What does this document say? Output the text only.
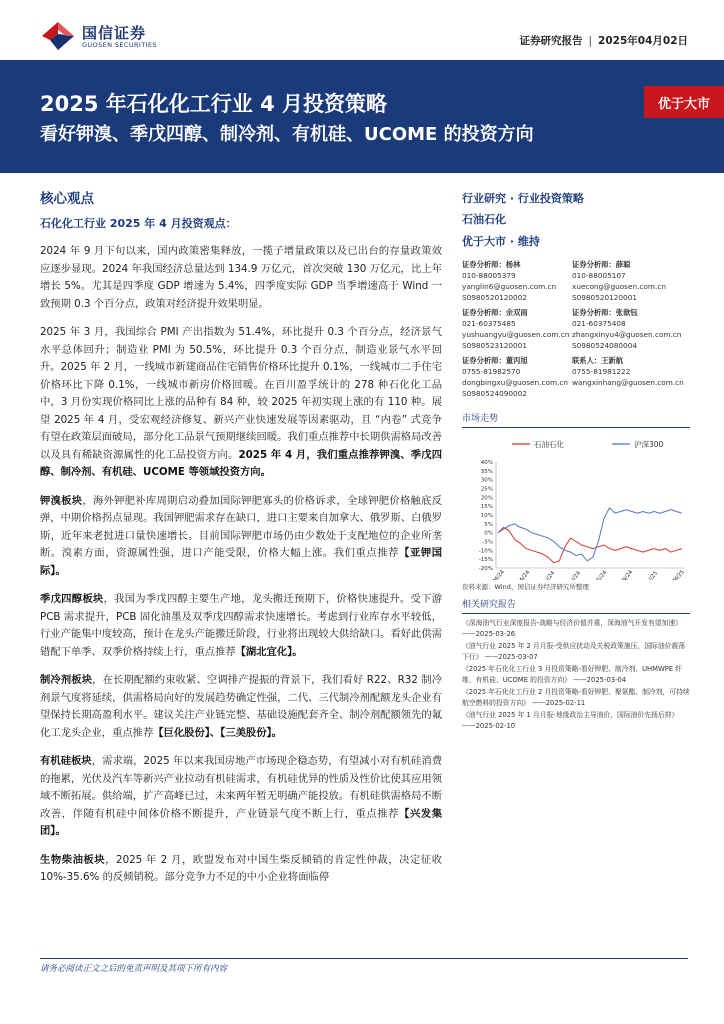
国信证券
GUOSEN SECURITIES	证券研究报告 | 2025年04月02日
2025 年石化化工行业 4 月投资策略
看好钾溴、季戊四醇、制冷剂、有机硅、UCOME 的投资方向
优于大市
核心观点
石化化工行业 2025 年 4 月投资观点：

2024 年 9 月下旬以来，国内政策密集释放，一揽子增量政策以及已出台的存量政策效应逐步显现。2024 年我国经济总量达到 134.9 万亿元，首次突破 130 万亿元，比上年增长 5%。尤其是四季度 GDP 增速为 5.4%，四季度实际 GDP 当季增速高于 Wind 一致预期 0.3 个百分点，政策对经济提升效果明显。

2025 年 3 月，我国综合 PMI 产出指数为 51.4%，环比提升 0.3 个百分点，经济景气水平总体回升；制造业 PMI 为 50.5%，环比提升 0.3 个百分点，制造业景气水平回升。2025 年 2 月，一线城市新建商品住宅销售价格环比提升 0.1%，一线城市二手住宅价格环比下降 0.1%，一线城市新房价格回暖。在百川盈孚统计的 278 种石化化工品中，3 月份实现价格同比上涨的品种有 84 种，较 2025 年初实现上涨的有 110 种。展望 2025 年 4 月，受宏观经济修复、新兴产业快速发展等因素驱动，且 “内卷” 式竞争有望在政策层面破局，部分化工品景气预期继续回暖。我们重点推荐中长期供需格局改善以及具有稀缺资源属性的化工品投资方向。2025 年 4 月，我们重点推荐钾溴、季戊四醇、制冷剂、有机硅、UCOME 等领域投资方向。

钾溴板块，海外钾肥补库周期启动叠加国际钾肥寡头的价格诉求，全球钾肥价格触底反弹，中期价格拐点显现。我国钾肥需求存在缺口，进口主要来自加拿大、俄罗斯、白俄罗斯，近年来老挝进口量快速增长。目前国际钾肥市场仍由少数处于支配地位的企业所垄断。溴素方面，资源属性强，进口产能受限，价格大幅上涨。我们重点推荐【亚钾国际】。

季戊四醇板块，我国为季戊四醇主要生产地，龙头搬迁预期下，价格快速提升。受下游 PCB 需求提升，PCB 固化油墨及双季戊四醇需求快速增长。考虑到行业库存水平较低，行业产能集中度较高，预计在龙头产能搬迁阶段，行业将出现较大供给缺口。看好此供需错配下单季、双季价格持续上行，重点推荐【湖北宜化】。

制冷剂板块，在长期配额约束收紧、空调排产提振的背景下，我们看好 R22、R32 制冷剂景气度将延续，供需格局向好的发展趋势确定性强，二代、三代制冷剂配额龙头企业有望保持长期高盈利水平。建议关注产业链完整、基础设施配套齐全、制冷剂配额领先的氟化工龙头企业，重点推荐【巨化股份】、【三美股份】。

有机硅板块，需求端，2025 年以来我国房地产市场现企稳态势，有望减小对有机硅消费的拖累，光伏及汽车等新兴产业拉动有机硅需求，有机硅优异的性质及性价比使其应用领域不断拓展。供给端，扩产高峰已过，未来两年暂无明确产能投放。有机硅供需格局不断改善，伴随有机硅中间体价格不断提升，产业链景气度不断上行，重点推荐【兴发集团】。

生物柴油板块，2025 年 2 月，欧盟发布对中国生柴反倾销的肯定性仲裁，决定征收 10%-35.6% 的反倾销税。部分竞争力不足的中小企业将面临停

行业研究 · 行业投资策略
石油石化
优于大市 · 维持
证券分析师：杨林
010-88005379
yanglin6@guosen.com.cn
S0980520120002
证券分析师：薛聪
010-88005107
xuecong@guosen.com.cn
S0980520120001
证券分析师：余双雨
021-60375485
yushuangyu@guosen.com.cn
S0980523120001
证券分析师：张歆钰
021-60375408
zhangxinyu4@guosen.com.cn
S0980524080004
证券分析师：董丙旭
0755-81982570
dongbingxu@guosen.com.cn
S0980524090002
联系人：王新航
0755-81981222
wangxinhang@guosen.com.cn
市场走势
石油石化	沪深300
40%
35%
30%
25%
20%
15%
10%
5%
0%
-5%
-10%
-15%
-20%
M/24 A/24 J/24	J/24	S/24 N/24 J/25 M/25
资料来源：Wind、国信证券经济研究所整理
相关研究报告
《深海油气行业深度报告-战略与经济价值并重，深海油气开发有望加速》 ——2025-03-26
《油气行业 2025 年 2 月月报-受供应扰动及关税政策施压，国际油价震荡下行》 ——2025-03-07
《2025 年石化化工行业 3 月投资策略-看好钾肥、制冷剂、UHMWPE 纤维、有机硅、UCOME 的投资方向》 ——2025-03-04
《2025 年石化化工行业 2 月投资策略-看好钾肥、聚氨酯、制冷剂，可持续航空燃料的投资方向》 ——2025-02-11
《油气行业 2025 年 1 月月报-地缘政治主导油价，国际油价先扬后抑》 ——2025-02-10
请务必阅读正文之后的免责声明及其项下所有内容
